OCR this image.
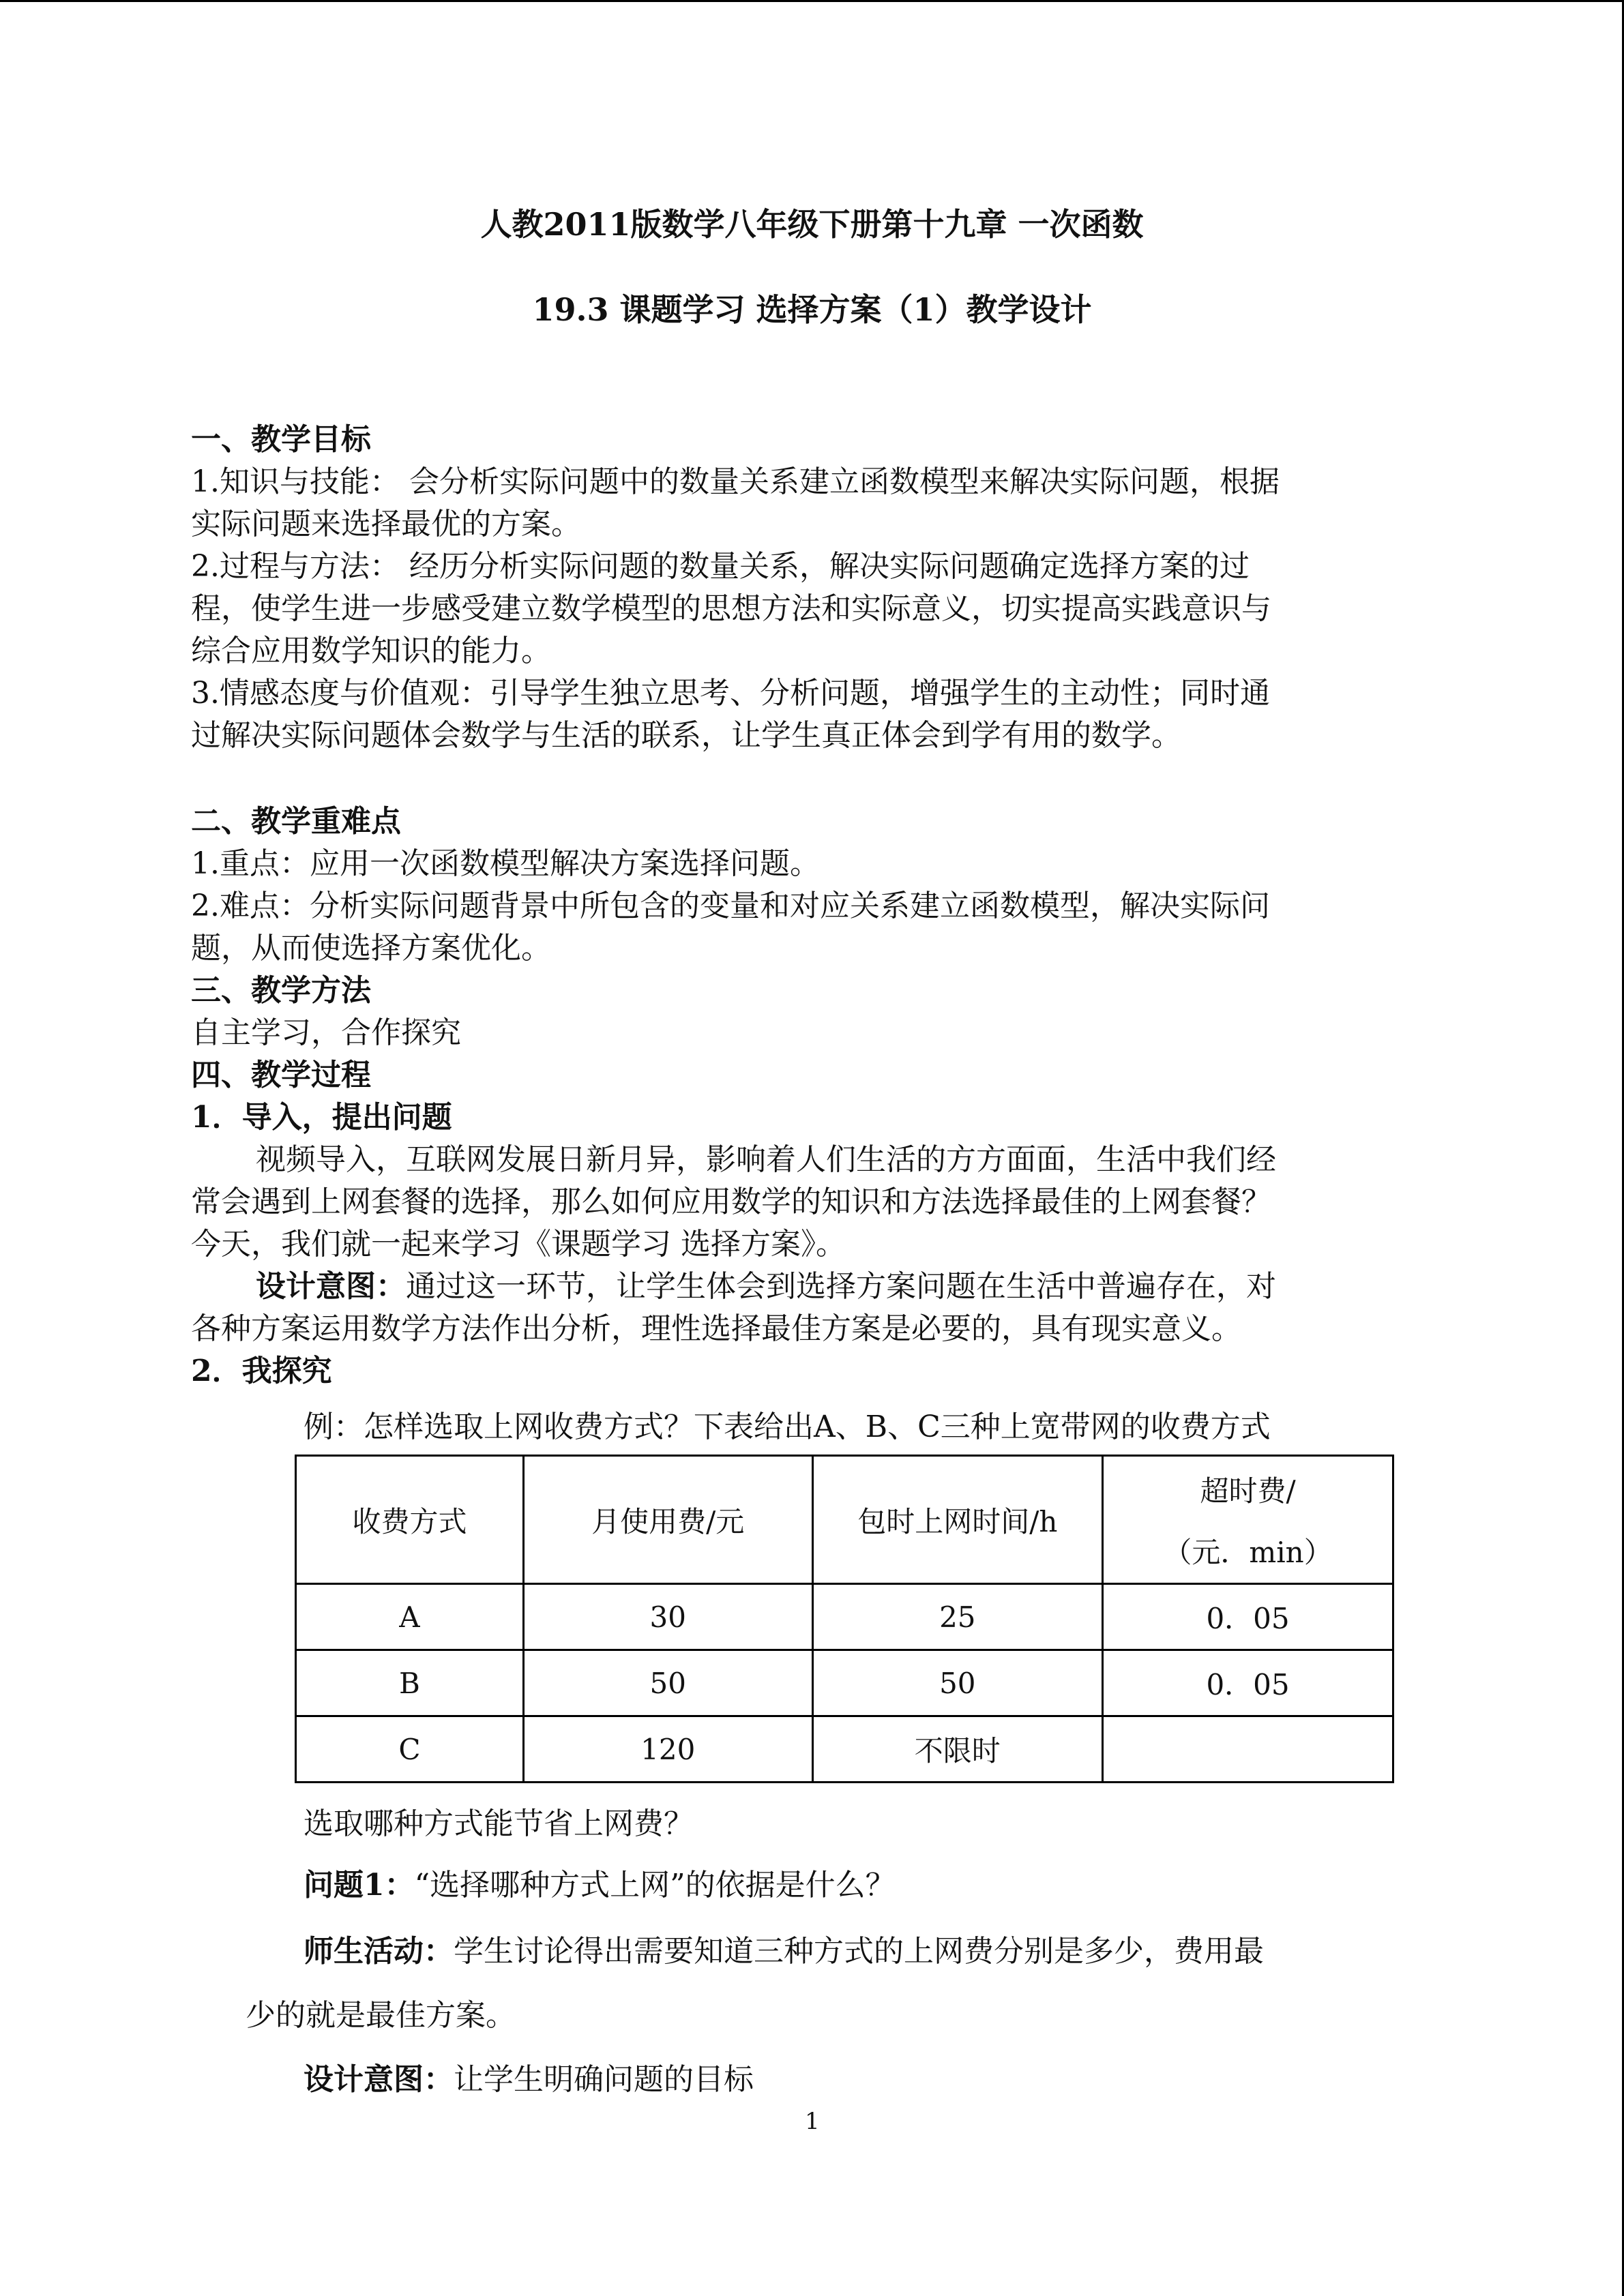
人教2011版数学八年级下册第十九章 一次函数
19.3 课题学习 选择方案（1）教学设计
一、教学目标
1.知识与技能： 会分析实际问题中的数量关系建立函数模型来解决实际问题，根据
实际问题来选择最优的方案。
2.过程与方法： 经历分析实际问题的数量关系，解决实际问题确定选择方案的过
程，使学生进一步感受建立数学模型的思想方法和实际意义，切实提高实践意识与
综合应用数学知识的能力。
3.情感态度与价值观：引导学生独立思考、分析问题，增强学生的主动性；同时通
过解决实际问题体会数学与生活的联系，让学生真正体会到学有用的数学。
二、教学重难点
1.重点：应用一次函数模型解决方案选择问题。
2.难点：分析实际问题背景中所包含的变量和对应关系建立函数模型，解决实际问
题，从而使选择方案优化。
三、教学方法
自主学习，合作探究
四、教学过程
1．导入，提出问题
视频导入，互联网发展日新月异，影响着人们生活的方方面面，生活中我们经
常会遇到上网套餐的选择，那么如何应用数学的知识和方法选择最佳的上网套餐？
今天，我们就一起来学习《课题学习 选择方案》。
设计意图：通过这一环节，让学生体会到选择方案问题在生活中普遍存在，对
各种方案运用数学方法作出分析，理性选择最佳方案是必要的，具有现实意义。
2．我探究
例：怎样选取上网收费方式？下表给出A、B、C三种上宽带网的收费方式
收费方式	月使用费/元	包时上网时间/h	超时费/
（元．min）

A	30	25	0．05
B	50	50	0．05
C	120	不限时	
选取哪种方式能节省上网费？
问题1：“选择哪种方式上网”的依据是什么？
师生活动：学生讨论得出需要知道三种方式的上网费分别是多少，费用最
少的就是最佳方案。
设计意图：让学生明确问题的目标
1
